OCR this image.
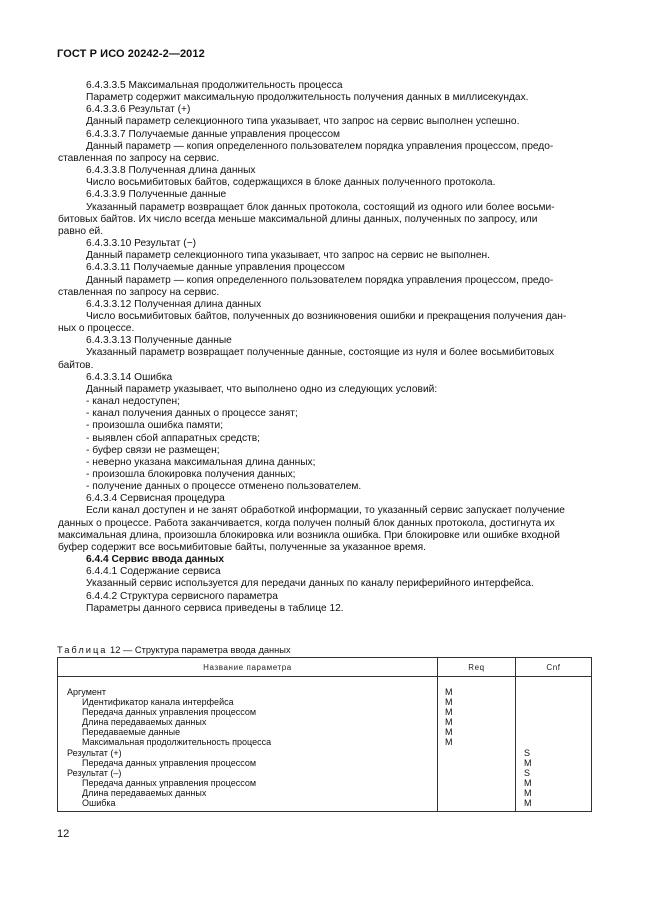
ГОСТ Р ИСО 20242-2—2012

6.4.3.3.5 Максимальная продолжительность процесса

Параметр содержит максимальную продолжительность получения данных в миллисекундах.

6.4.3.3.6 Результат (+)

Данный параметр селекционного типа указывает, что запрос на сервис выполнен успешно.

6.4.3.3.7 Получаемые данные управления процессом

Данный параметр — копия определенного пользователем порядка управления процессом, предо-

ставленная по запросу на сервис.

6.4.3.3.8 Полученная длина данных

Число восьмибитовых байтов, содержащихся в блоке данных полученного протокола.

6.4.3.3.9 Полученные данные

Указанный параметр возвращает блок данных протокола, состоящий из одного или более восьми-

битовых байтов. Их число всегда меньше максимальной длины данных, полученных по запросу, или

равно ей.

6.4.3.3.10 Результат (−)

Данный параметр селекционного типа указывает, что запрос на сервис не выполнен.

6.4.3.3.11 Получаемые данные управления процессом

Данный параметр — копия определенного пользователем порядка управления процессом, предо-

ставленная по запросу на сервис.

6.4.3.3.12 Полученная длина данных

Число восьмибитовых байтов, полученных до возникновения ошибки и прекращения получения дан-

ных о процессе.

6.4.3.3.13 Полученные данные

Указанный параметр возвращает полученные данные, состоящие из нуля и более восьмибитовых

байтов.

6.4.3.3.14 Ошибка

Данный параметр указывает, что выполнено одно из следующих условий:

- канал недоступен;

- канал получения данных о процессе занят;

- произошла ошибка памяти;

- выявлен сбой аппаратных средств;

- буфер связи не размещен;

- неверно указана максимальная длина данных;

- произошла блокировка получения данных;

- получение данных о процессе отменено пользователем.

6.4.3.4 Сервисная процедура

Если канал доступен и не занят обработкой информации, то указанный сервис запускает получение

данных о процессе. Работа заканчивается, когда получен полный блок данных протокола, достигнута их

максимальная длина, произошла блокировка или возникла ошибка. При блокировке или ошибке входной

буфер содержит все восьмибитовые байты, полученные за указанное время.

6.4.4 Сервис ввода данных

6.4.4.1 Содержание сервиса

Указанный сервис используется для передачи данных по каналу периферийного интерфейса.

6.4.4.2 Структура сервисного параметра

Параметры данного сервиса приведены в таблице 12.

Таблица 12 — Структура параметра ввода данных
Название параметра	Req	Cnf

Аргумент	M	
Идентификатор канала интерфейса	M	
Передача данных управления процессом	M	
Длина передаваемых данных	M	
Передаваемые данные	M	
Максимальная продолжительность процесса	M	
Результат (+)		S
Передача данных управления процессом		M
Результат (–)		S
Передача данных управления процессом		M
Длина передаваемых данных		M
Ошибка		M
12
